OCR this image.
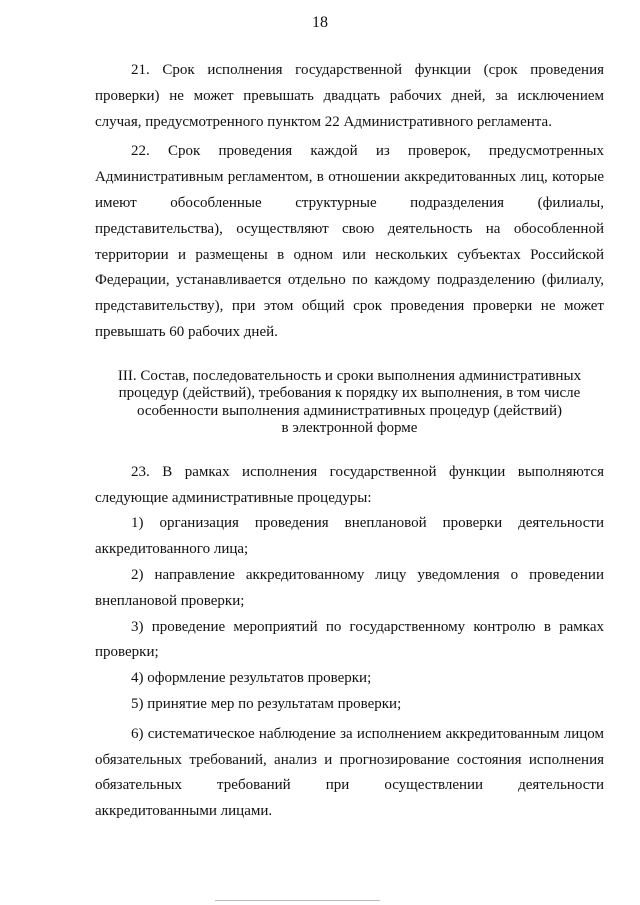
18

21. Срок исполнения государственной функции (срок проведения проверки) не может превышать двадцать рабочих дней, за исключением случая, предусмотренного пунктом 22 Административного регламента.

22. Срок проведения каждой из проверок, предусмотренных Административным регламентом, в отношении аккредитованных лиц, которые имеют обособленные структурные подразделения (филиалы, представительства), осуществляют свою деятельность на обособленной территории и размещены в одном или нескольких субъектах Российской Федерации, устанавливается отдельно по каждому подразделению (филиалу, представительству), при этом общий срок проведения проверки не может превышать 60 рабочих дней.

III. Состав, последовательность и сроки выполнения административных
процедур (действий), требования к порядку их выполнения, в том числе
особенности выполнения административных процедур (действий)
в электронной форме

23. В рамках исполнения государственной функции выполняются следующие административные процедуры:

1) организация проведения внеплановой проверки деятельности аккредитованного лица;

2) направление аккредитованному лицу уведомления о проведении внеплановой проверки;

3) проведение мероприятий по государственному контролю в рамках проверки;

4) оформление результатов проверки;

5) принятие мер по результатам проверки;

6) систематическое наблюдение за исполнением аккредитованным лицом обязательных требований, анализ и прогнозирование состояния исполнения обязательных требований при осуществлении деятельности аккредитованными лицами.
